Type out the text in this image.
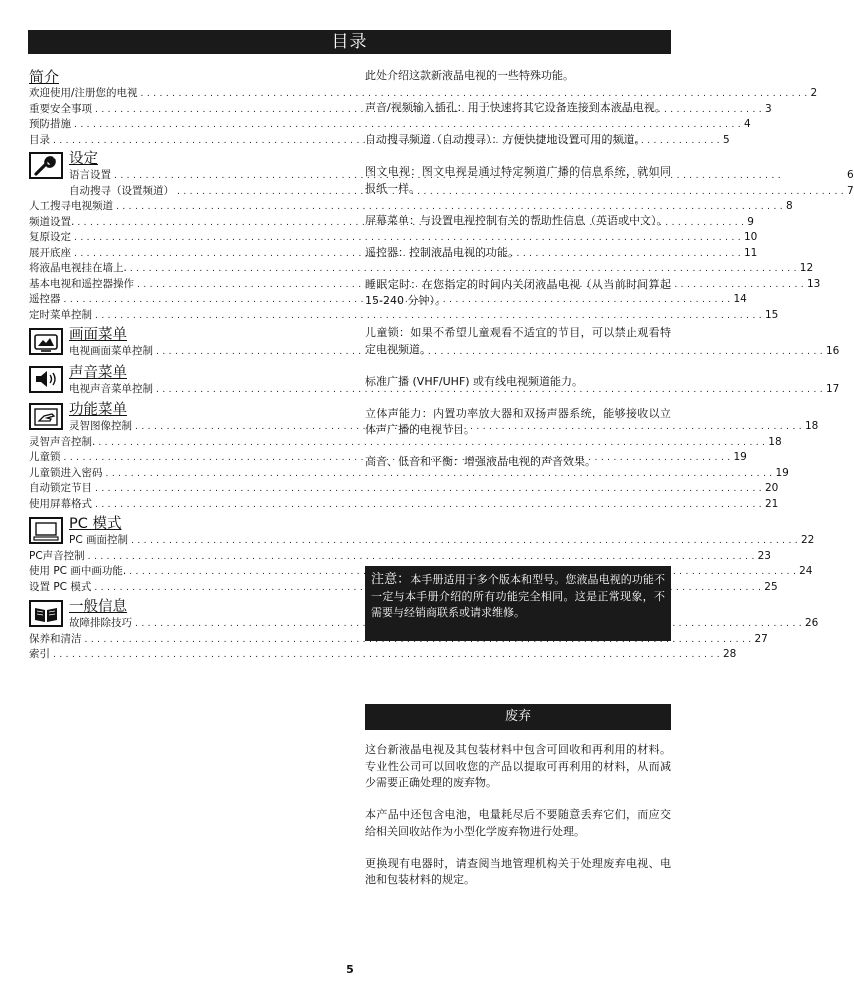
目录
简介
欢迎使用/注册您的电视 . . .	2
重要安全事项 . . .	3
预防措施 . . .	4
目录 . . .	5
设定
语言设置 . . .	6
自动搜寻（设置频道） . . .	7
人工搜寻电视频道 . . .	8
频道设置. . . .	9
复原设定 . . .	10
展开底座 . . .	11
将液晶电视挂在墙上. . . .	12
基本电视和遥控器操作 . . .	13
遥控器 . . .	14
定时菜单控制 . . .	15
画面菜单
电视画面菜单控制 . . .	16
声音菜单
电视声音菜单控制 . . .	17
功能菜单
灵智图像控制 . . .	18
灵智声音控制. . . .	18
儿童锁 . . .	19
儿童锁进入密码 . . .	19
自动锁定节目 . . .	20
使用屏幕格式 . . .	21
PC 模式
PC 画面控制 . . .	22
PC声音控制 . . .	23
使用 PC 画中画功能. . . .	24
设置 PC 模式 . . .	25
一般信息
故障排除技巧 . . .	26
保养和清洁 . . .	27
索引 . . .	28

此处介绍这款新液晶电视的一些特殊功能。

声音/视频输入插孔：用于快速将其它设备连接到本液晶电视。

自动搜寻频道（自动搜寻）：方便快捷地设置可用的频道。

图文电视：图文电视是通过特定频道广播的信息系统，就如同报纸一样。

屏幕菜单：与设置电视控制有关的帮助性信息（英语或中文）。

遥控器：控制液晶电视的功能。

睡眠定时：在您指定的时间内关闭液晶电视（从当前时间算起 15-240 分钟）。

儿童锁：如果不希望儿童观看不适宜的节目，可以禁止观看特定电视频道。

标准广播 (VHF/UHF) 或有线电视频道能力。

立体声能力：内置功率放大器和双扬声器系统，能够接收以立体声广播的电视节目。

高音、低音和平衡：增强液晶电视的声音效果。

注意：本手册适用于多个版本和型号。您液晶电视的功能不一定与本手册介绍的所有功能完全相同。这是正常现象，不需要与经销商联系或请求维修。
废弃

这台新液晶电视及其包装材料中包含可回收和再利用的材料。专业性公司可以回收您的产品以提取可再利用的材料，从而减少需要正确处理的废弃物。

本产品中还包含电池，电量耗尽后不要随意丢弃它们，而应交给相关回收站作为小型化学废弃物进行处理。

更换现有电器时，请查阅当地管理机构关于处理废弃电视、电池和包装材料的规定。

5
